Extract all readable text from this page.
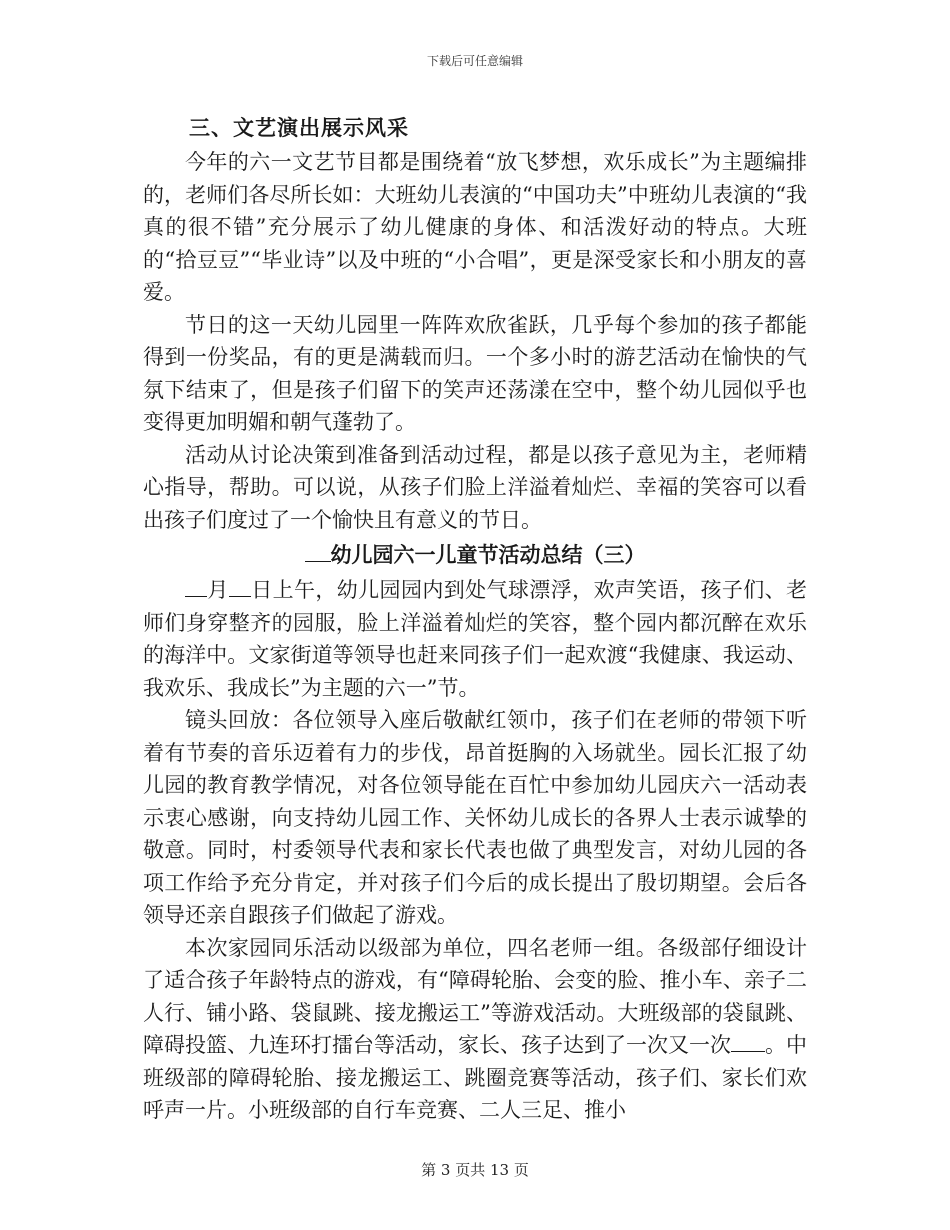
下载后可任意编辑
三、文艺演出展示风采

今年的六一文艺节目都是围绕着“放飞梦想，欢乐成长”为主题编排的，老师们各尽所长如：大班幼儿表演的“中国功夫”中班幼儿表演的“我真的很不错”充分展示了幼儿健康的身体、和活泼好动的特点。大班的“拾豆豆”“毕业诗”以及中班的“小合唱”，更是深受家长和小朋友的喜爱。

节日的这一天幼儿园里一阵阵欢欣雀跃，几乎每个参加的孩子都能得到一份奖品，有的更是满载而归。一个多小时的游艺活动在愉快的气氛下结束了，但是孩子们留下的笑声还荡漾在空中，整个幼儿园似乎也变得更加明媚和朝气蓬勃了。

活动从讨论决策到准备到活动过程，都是以孩子意见为主，老师精心指导，帮助。可以说，从孩子们脸上洋溢着灿烂、幸福的笑容可以看出孩子们度过了一个愉快且有意义的节日。

幼儿园六一儿童节活动总结（三）

月 日上午，幼儿园园内到处气球漂浮，欢声笑语，孩子们、老师们身穿整齐的园服，脸上洋溢着灿烂的笑容，整个园内都沉醉在欢乐的海洋中。文家街道等领导也赶来同孩子们一起欢渡“我健康、我运动、我欢乐、我成长”为主题的六一”节。

镜头回放：各位领导入座后敬献红领巾，孩子们在老师的带领下听着有节奏的音乐迈着有力的步伐，昂首挺胸的入场就坐。园长汇报了幼儿园的教育教学情况，对各位领导能在百忙中参加幼儿园庆六一活动表示衷心感谢，向支持幼儿园工作、关怀幼儿成长的各界人士表示诚挚的敬意。同时，村委领导代表和家长代表也做了典型发言，对幼儿园的各项工作给予充分肯定，并对孩子们今后的成长提出了殷切期望。会后各领导还亲自跟孩子们做起了游戏。

本次家园同乐活动以级部为单位，四名老师一组。各级部仔细设计了适合孩子年龄特点的游戏，有“障碍轮胎、会变的脸、推小车、亲子二人行、铺小路、袋鼠跳、接龙搬运工”等游戏活动。大班级部的袋鼠跳、障碍投篮、九连环打擂台等活动，家长、孩子达到了一次又一次 。中班级部的障碍轮胎、接龙搬运工、跳圈竞赛等活动，孩子们、家长们欢呼声一片。小班级部的自行车竞赛、二人三足、推小

第 3 页共 13 页
